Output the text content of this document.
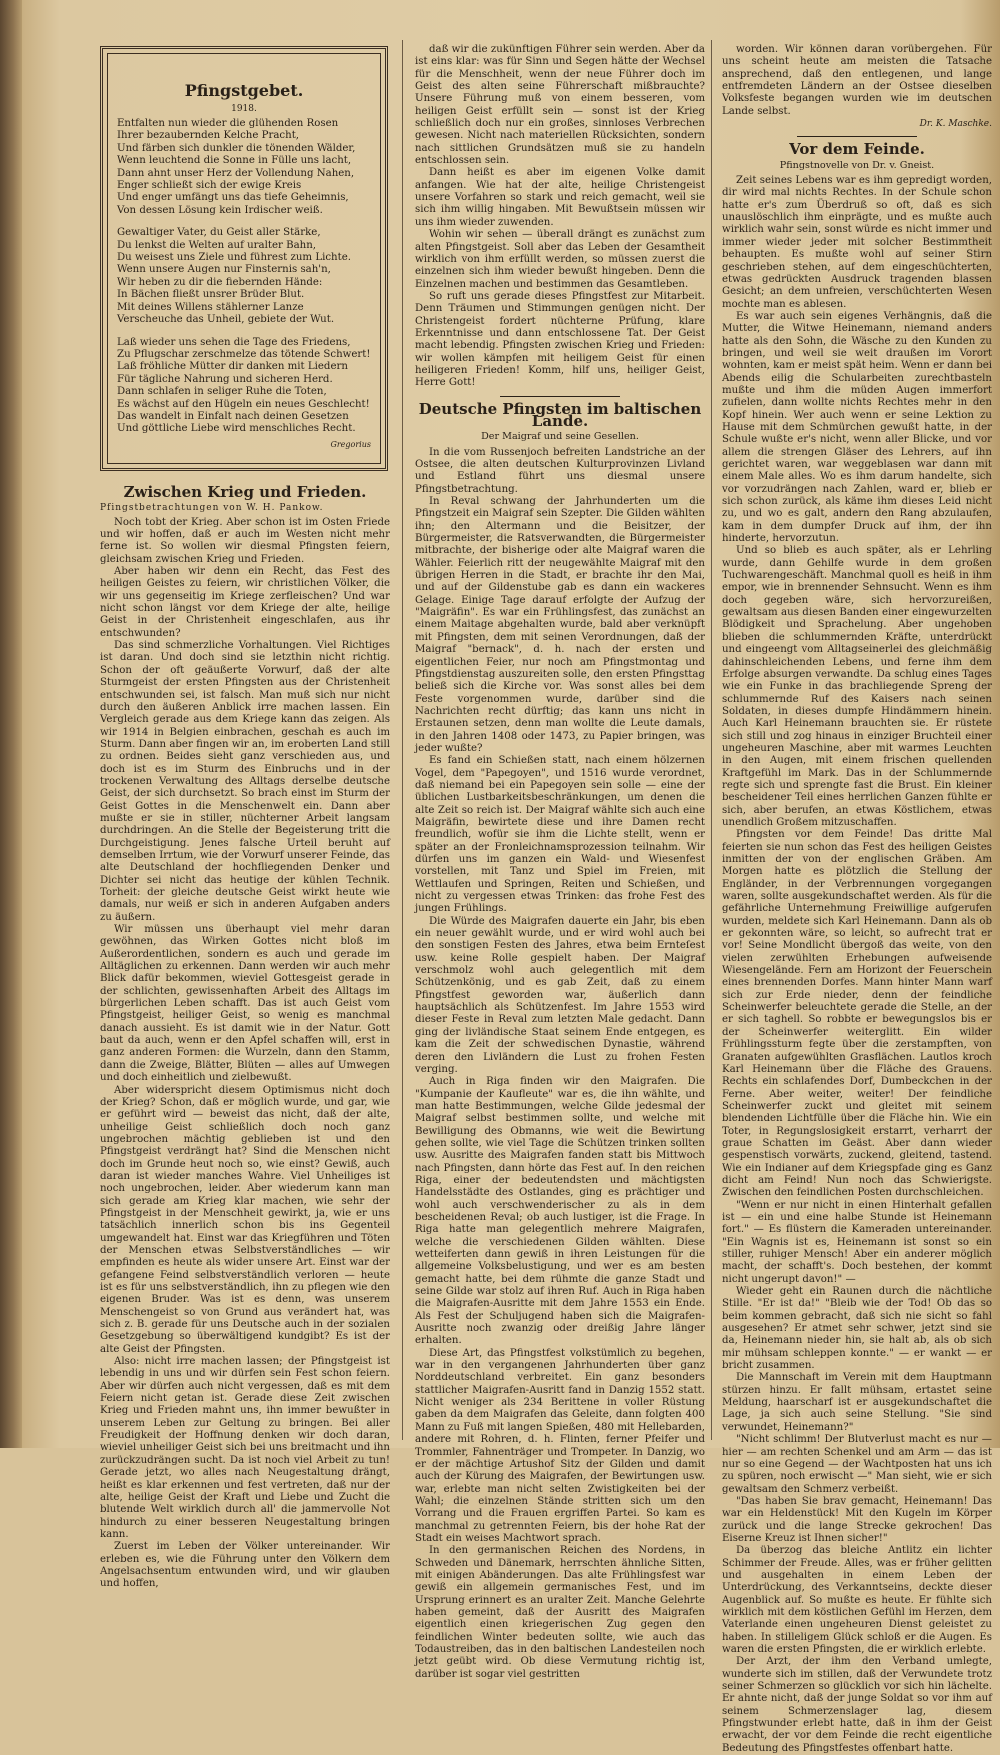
Pfingstgebet.
1918.
Entfalten nun wieder die glühenden Rosen
Ihrer bezaubernden Kelche Pracht,
Und färben sich dunkler die tönenden Wälder,
Wenn leuchtend die Sonne in Fülle uns lacht,
Dann ahnt unser Herz der Vollendung Nahen,
Enger schließt sich der ewige Kreis
Und enger umfängt uns das tiefe Geheimnis,
Von dessen Lösung kein Irdischer weiß.
Gewaltiger Vater, du Geist aller Stärke,
Du lenkst die Welten auf uralter Bahn,
Du weisest uns Ziele und führest zum Lichte.
Wenn unsere Augen nur Finsternis sah'n,
Wir heben zu dir die fiebernden Hände:
In Bächen fließt unsrer Brüder Blut.
Mit deines Willens stählerner Lanze
Verscheuche das Unheil, gebiete der Wut.
Laß wieder uns sehen die Tage des Friedens,
Zu Pflugschar zerschmelze das tötende Schwert!
Laß fröhliche Mütter dir danken mit Liedern
Für tägliche Nahrung und sicheren Herd.
Dann schlafen in seliger Ruhe die Toten,
Es wächst auf den Hügeln ein neues Geschlecht!
Das wandelt in Einfalt nach deinen Gesetzen
Und göttliche Liebe wird menschliches Recht.
Gregorius
Zwischen Krieg und Frieden.
Pfingstbetrachtungen von W. H. Pankow.

Noch tobt der Krieg. Aber schon ist im Osten Friede und wir hoffen, daß er auch im Westen nicht mehr ferne ist. So wollen wir diesmal Pfingsten feiern, gleichsam zwischen Krieg und Frieden.

Aber haben wir denn ein Recht, das Fest des heiligen Geistes zu feiern, wir christlichen Völker, die wir uns gegenseitig im Kriege zerfleischen? Und war nicht schon längst vor dem Kriege der alte, heilige Geist in der Christenheit eingeschlafen, aus ihr entschwunden?

Das sind schmerzliche Vorhaltungen. Viel Richtiges ist daran. Und doch sind sie letzthin nicht richtig. Schon der oft geäußerte Vorwurf, daß der alte Sturmgeist der ersten Pfingsten aus der Christenheit entschwunden sei, ist falsch. Man muß sich nur nicht durch den äußeren Anblick irre machen lassen. Ein Vergleich gerade aus dem Kriege kann das zeigen. Als wir 1914 in Belgien einbrachen, geschah es auch im Sturm. Dann aber fingen wir an, im eroberten Land still zu ordnen. Beides sieht ganz verschieden aus, und doch ist es im Sturm des Einbruchs und in der trockenen Verwaltung des Alltags derselbe deutsche Geist, der sich durchsetzt. So brach einst im Sturm der Geist Gottes in die Menschenwelt ein. Dann aber mußte er sie in stiller, nüchterner Arbeit langsam durchdringen. An die Stelle der Begeisterung tritt die Durchgeistigung. Jenes falsche Urteil beruht auf demselben Irrtum, wie der Vorwurf unserer Feinde, das alte Deutschland der hochfliegenden Denker und Dichter sei nicht das heutige der kühlen Technik. Torheit: der gleiche deutsche Geist wirkt heute wie damals, nur weiß er sich in anderen Aufgaben anders zu äußern.

Wir müssen uns überhaupt viel mehr daran gewöhnen, das Wirken Gottes nicht bloß im Außerordentlichen, sondern es auch und gerade im Alltäglichen zu erkennen. Dann werden wir auch mehr Blick dafür bekommen, wieviel Gottesgeist gerade in der schlichten, gewissenhaften Arbeit des Alltags im bürgerlichen Leben schafft. Das ist auch Geist vom Pfingstgeist, heiliger Geist, so wenig es manchmal danach aussieht. Es ist damit wie in der Natur. Gott baut da auch, wenn er den Apfel schaffen will, erst in ganz anderen Formen: die Wurzeln, dann den Stamm, dann die Zweige, Blätter, Blüten — alles auf Umwegen und doch einheitlich und zielbewußt.

Aber widerspricht diesem Optimismus nicht doch der Krieg? Schon, daß er möglich wurde, und gar, wie er geführt wird — beweist das nicht, daß der alte, unheilige Geist schließlich doch noch ganz ungebrochen mächtig geblieben ist und den Pfingstgeist verdrängt hat? Sind die Menschen nicht doch im Grunde heut noch so, wie einst? Gewiß, auch daran ist wieder manches Wahre. Viel Unheiliges ist noch ungebrochen, leider. Aber wiederum kann man sich gerade am Krieg klar machen, wie sehr der Pfingstgeist in der Menschheit gewirkt, ja, wie er uns tatsächlich innerlich schon bis ins Gegenteil umgewandelt hat. Einst war das Kriegführen und Töten der Menschen etwas Selbstverständliches — wir empfinden es heute als wider unsere Art. Einst war der gefangene Feind selbstverständlich verloren — heute ist es für uns selbstverständlich, ihn zu pflegen wie den eigenen Bruder. Was ist es denn, was unserem Menschengeist so von Grund aus verändert hat, was sich z. B. gerade für uns Deutsche auch in der sozialen Gesetzgebung so überwältigend kundgibt? Es ist der alte Geist der Pfingsten.

Also: nicht irre machen lassen; der Pfingstgeist ist lebendig in uns und wir dürfen sein Fest schon feiern. Aber wir dürfen auch nicht vergessen, daß es mit dem Feiern nicht getan ist. Gerade diese Zeit zwischen Krieg und Frieden mahnt uns, ihn immer bewußter in unserem Leben zur Geltung zu bringen. Bei aller Freudigkeit der Hoffnung denken wir doch daran, wieviel unheiliger Geist sich bei uns breitmacht und ihn zurückzudrängen sucht. Da ist noch viel Arbeit zu tun! Gerade jetzt, wo alles nach Neugestaltung drängt, heißt es klar erkennen und fest vertreten, daß nur der alte, heilige Geist der Kraft und Liebe und Zucht die blutende Welt wirklich durch all' die jammervolle Not hindurch zu einer besseren Neugestaltung bringen kann.

Zuerst im Leben der Völker untereinander. Wir erleben es, wie die Führung unter den Völkern dem Angelsachsentum entwunden wird, und wir glauben und hoffen,

daß wir die zukünftigen Führer sein werden. Aber da ist eins klar: was für Sinn und Segen hätte der Wechsel für die Menschheit, wenn der neue Führer doch im Geist des alten seine Führerschaft mißbrauchte? Unsere Führung muß von einem besseren, vom heiligen Geist erfüllt sein — sonst ist der Krieg schließlich doch nur ein großes, sinnloses Verbrechen gewesen. Nicht nach materiellen Rücksichten, sondern nach sittlichen Grundsätzen muß sie zu handeln entschlossen sein.

Dann heißt es aber im eigenen Volke damit anfangen. Wie hat der alte, heilige Christengeist unsere Vorfahren so stark und reich gemacht, weil sie sich ihm willig hingaben. Mit Bewußtsein müssen wir uns ihm wieder zuwenden.

Wohin wir sehen — überall drängt es zunächst zum alten Pfingstgeist. Soll aber das Leben der Gesamtheit wirklich von ihm erfüllt werden, so müssen zuerst die einzelnen sich ihm wieder bewußt hingeben. Denn die Einzelnen machen und bestimmen das Gesamtleben.

So ruft uns gerade dieses Pfingstfest zur Mitarbeit. Denn Träumen und Stimmungen genügen nicht. Der Christengeist fordert nüchterne Prüfung, klare Erkenntnisse und dann entschlossene Tat. Der Geist macht lebendig. Pfingsten zwischen Krieg und Frieden: wir wollen kämpfen mit heiligem Geist für einen heiligeren Frieden! Komm, hilf uns, heiliger Geist, Herre Gott!

Deutsche Pfingsten im baltischen Lande.
Der Maigraf und seine Gesellen.

In die vom Russenjoch befreiten Landstriche an der Ostsee, die alten deutschen Kulturprovinzen Livland und Estland führt uns diesmal unsere Pfingstbetrachtung.

In Reval schwang der Jahrhunderten um die Pfingstzeit ein Maigraf sein Szepter. Die Gilden wählten ihn; den Altermann und die Beisitzer, der Bürgermeister, die Ratsverwandten, die Bürgermeister mitbrachte, der bisherige oder alte Maigraf waren die Wähler. Feierlich ritt der neugewählte Maigraf mit den übrigen Herren in die Stadt, er brachte ihr den Mai, und auf der Gildenstube gab es dann ein wackeres Gelage. Einige Tage darauf erfolgte der Aufzug der "Maigräfin". Es war ein Frühlingsfest, das zunächst an einem Maitage abgehalten wurde, bald aber verknüpft mit Pfingsten, dem mit seinen Verordnungen, daß der Maigraf "bernack", d. h. nach der ersten und eigentlichen Feier, nur noch am Pfingstmontag und Pfingstdienstag auszureiten solle, den ersten Pfingsttag beließ sich die Kirche vor. Was sonst alles bei dem Feste vorgenommen wurde, darüber sind die Nachrichten recht dürftig; das kann uns nicht in Erstaunen setzen, denn man wollte die Leute damals, in den Jahren 1408 oder 1473, zu Papier bringen, was jeder wußte?

Es fand ein Schießen statt, nach einem hölzernen Vogel, dem "Papegoyen", und 1516 wurde verordnet, daß niemand bei ein Papegoyen sein solle — eine der üblichen Lustbarkeitsbeschränkungen, um denen die alte Zeit so reich ist. Der Maigraf wählte sich auch eine Maigräfin, bewirtete diese und ihre Damen recht freundlich, wofür sie ihm die Lichte stellt, wenn er später an der Fronleichnamsprozession teilnahm. Wir dürfen uns im ganzen ein Wald- und Wiesenfest vorstellen, mit Tanz und Spiel im Freien, mit Wettlaufen und Springen, Reiten und Schießen, und nicht zu vergessen etwas Trinken: das frohe Fest des jungen Frühlings.

Die Würde des Maigrafen dauerte ein Jahr, bis eben ein neuer gewählt wurde, und er wird wohl auch bei den sonstigen Festen des Jahres, etwa beim Ernteſest usw. keine Rolle gespielt haben. Der Maigraf verschmolz wohl auch gelegentlich mit dem Schützenkönig, und es gab Zeit, daß zu einem Pfingstfest geworden war, äußerlich dann hauptsächlich als Schützenfest. Im Jahre 1553 wird dieser Feste in Reval zum letzten Male gedacht. Dann ging der livländische Staat seinem Ende entgegen, es kam die Zeit der schwedischen Dynastie, während deren den Livländern die Lust zu frohen Festen verging.

Auch in Riga finden wir den Maigrafen. Die "Kumpanie der Kaufleute" war es, die ihn wählte, und man hatte Bestimmungen, welche Gilde jedesmal der Maigraf selbst bestimmen sollte, und welche mit Bewilligung des Obmanns, wie weit die Bewirtung gehen sollte, wie viel Tage die Schützen trinken sollten usw. Ausritte des Maigrafen fanden statt bis Mittwoch nach Pfingsten, dann hörte das Fest auf. In den reichen Riga, einer der bedeutendsten und mächtigsten Handelsstädte des Ostlandes, ging es prächtiger und wohl auch verschwenderischer zu als in dem bescheidenen Reval; ob auch lustiger, ist die Frage. In Riga hatte man gelegentlich mehrere Maigrafen, welche die verschiedenen Gilden wählten. Diese wetteiferten dann gewiß in ihren Leistungen für die allgemeine Volksbelustigung, und wer es am besten gemacht hatte, bei dem rühmte die ganze Stadt und seine Gilde war stolz auf ihren Ruf. Auch in Riga haben die Maigrafen-Ausritte mit dem Jahre 1553 ein Ende. Als Fest der Schuljugend haben sich die Maigrafen-Ausritte noch zwanzig oder dreißig Jahre länger erhalten.

Diese Art, das Pfingstfest volkstümlich zu begehen, war in den vergangenen Jahrhunderten über ganz Norddeutschland verbreitet. Ein ganz besonders stattlicher Maigrafen-Ausritt fand in Danzig 1552 statt. Nicht weniger als 234 Berittene in voller Rüstung gaben da dem Maigrafen das Geleite, dann folgten 400 Mann zu Fuß mit langen Spießen, 480 mit Hellebarden, andere mit Rohren, d. h. Flinten, ferner Pfeifer und Trommler, Fahnenträger und Trompeter. In Danzig, wo er der mächtige Artushof Sitz der Gilden und damit auch der Kürung des Maigrafen, der Bewirtungen usw. war, erlebte man nicht selten Zwistigkeiten bei der Wahl; die einzelnen Stände stritten sich um den Vorrang und die Frauen ergriffen Partei. So kam es manchmal zu getrennten Feiern, bis der hohe Rat der Stadt ein weises Machtwort sprach.

In den germanischen Reichen des Nordens, in Schweden und Dänemark, herrschten ähnliche Sitten, mit einigen Abänderungen. Das alte Frühlingsfest war gewiß ein allgemein germanisches Fest, und im Ursprung erinnert es an uralter Zeit. Manche Gelehrte haben gemeint, daß der Ausritt des Maigrafen eigentlich einen kriegerischen Zug gegen den feindlichen Winter bedeuten sollte, wie auch das Todaustreiben, das in den baltischen Landesteilen noch jetzt geübt wird. Ob diese Vermutung richtig ist, darüber ist sogar viel gestritten

worden. Wir können daran vorübergehen. Für uns scheint heute am meisten die Tatsache ansprechend, daß den entlegenen, und lange entfremdeten Ländern an der Ostsee dieselben Volksfeste begangen wurden wie im deutschen Lande selbst.

Dr. K. Maschke.
Vor dem Feinde.
Pfingstnovelle von Dr. v. Gneist.

Zeit seines Lebens war es ihm gepredigt worden, dir wird mal nichts Rechtes. In der Schule schon hatte er's zum Überdruß so oft, daß es sich unauslöschlich ihm einprägte, und es mußte auch wirklich wahr sein, sonst würde es nicht immer und immer wieder jeder mit solcher Bestimmtheit behaupten. Es mußte wohl auf seiner Stirn geschrieben stehen, auf dem eingeschüchterten, etwas gedrückten Ausdruck tragenden blassen Gesicht; an dem unfreien, verschüchterten Wesen mochte man es ablesen.

Es war auch sein eigenes Verhängnis, daß die Mutter, die Witwe Heinemann, niemand anders hatte als den Sohn, die Wäsche zu den Kunden zu bringen, und weil sie weit draußen im Vorort wohnten, kam er meist spät heim. Wenn er dann bei Abends eilig die Schularbeiten zurechtbasteln mußte und ihm die müden Augen immerfort zufielen, dann wollte nichts Rechtes mehr in den Kopf hinein. Wer auch wenn er seine Lektion zu Hause mit dem Schmürchen gewußt hatte, in der Schule wußte er's nicht, wenn aller Blicke, und vor allem die strengen Gläser des Lehrers, auf ihn gerichtet waren, war weggeblasen war dann mit einem Male alles. Wo es ihm darum handelte, sich vor vorzudrängen nach Zahlen, ward er, blieb er sich schon zurück, als käme ihm dieses Leid nicht zu, und wo es galt, andern den Rang abzulaufen, kam in dem dumpfer Druck auf ihm, der ihn hinderte, hervorzutun.

Und so blieb es auch später, als er Lehrling wurde, dann Gehilfe wurde in dem großen Tuchwarengeschäft. Manchmal quoll es heiß in ihm empor, wie in brennender Sehnsucht. Wenn es ihm doch gegeben wäre, sich hervorzureißen, gewaltsam aus diesen Banden einer eingewurzelten Blödigkeit und Sprachelung. Aber ungehoben blieben die schlummernden Kräfte, unterdrückt und eingeengt vom Alltagseinerlei des gleichmäßig dahinschleichenden Lebens, und ferne ihm dem Erfolge absurgen verwandte. Da schlug eines Tages wie ein Funke in das brachliegende Spreng der schlummernde Ruf des Kaisers nach seinen Soldaten, in dieses dumpfe Hindämmern hinein. Auch Karl Heinemann brauchten sie. Er rüstete sich still und zog hinaus in einziger Bruchteil einer ungeheuren Maschine, aber mit warmes Leuchten in den Augen, mit einem frischen quellenden Kraftgefühl im Mark. Das in der Schlummernde regte sich und sprengte fast die Brust. Ein kleiner bescheidener Teil eines herrlichen Ganzen fühlte er sich, aber berufen, an etwas Köstlichem, etwas unendlich Großem mitzuschaffen.

Pfingsten vor dem Feinde! Das dritte Mal feierten sie nun schon das Fest des heiligen Geistes inmitten der von der englischen Gräben. Am Morgen hatte es plötzlich die Stellung der Engländer, in der Verbrennungen vorgegangen waren, sollte ausgekundschaftet werden. Als für die gefährliche Unternehmung Freiwillige aufgerufen wurden, meldete sich Karl Heinemann. Dann als ob er gekonnten wäre, so leicht, so aufrecht trat er vor! Seine Mondlicht übergoß das weite, von den vielen zerwühlten Erhebungen aufweisende Wiesengelände. Fern am Horizont der Feuerschein eines brennenden Dorfes. Mann hinter Mann warf sich zur Erde nieder, denn der feindliche Scheinwerfer beleuchtete gerade die Stelle, an der er sich taghell. So robbte er bewegungslos bis er der Scheinwerfer weiterglitt. Ein wilder Frühlingssturm fegte über die zerstampften, von Granaten aufgewühlten Grasflächen. Lautlos kroch Karl Heinemann über die Fläche des Grauens. Rechts ein schlafendes Dorf, Dumbeckchen in der Ferne. Aber weiter, weiter! Der feindliche Scheinwerfer zuckt und gleitet mit seinem blendenden Lichtfülle über die Fläche hin. Wie ein Toter, in Regungslosigkeit erstarrt, verharrt der graue Schatten im Geäst. Aber dann wieder gespenstisch vorwärts, zuckend, gleitend, tastend. Wie ein Indianer auf dem Kriegspfade ging es Ganz dicht am Feind! Nun noch das Schwierigste. Zwischen den feindlichen Posten durchschleichen.

"Wenn er nur nicht in einen Hinterhalt gefallen ist — ein und eine halbe Stunde ist Heinemann fort." — Es flüstern die Kameraden untereinander. "Ein Wagnis ist es, Heinemann ist sonst so ein stiller, ruhiger Mensch! Aber ein anderer möglich macht, der schafft's. Doch bestehen, der kommt nicht ungerupt davon!" —

Wieder geht ein Raunen durch die nächtliche Stille. "Er ist da!" "Bleib wie der Tod! Ob das so beim kommen gebracht, daß sich nie sicht so fahl ausgesehen? Er atmet sehr schwer, jetzt sind sie da, Heinemann nieder hin, sie halt ab, als ob sich mir mühsam schleppen konnte." — er wankt — er bricht zusammen.

Die Mannschaft im Verein mit dem Hauptmann stürzen hinzu. Er fallt mühsam, ertastet seine Meldung, haarscharf ist er ausgekundschaftet die Lage, ja sich auch seine Stellung. "Sie sind verwundet, Heinemann?"

"Nicht schlimm! Der Blutverlust macht es nur — hier — am rechten Schenkel und am Arm — das ist nur so eine Gegend — der Wachtposten hat uns ich zu spüren, noch erwischt —" Man sieht, wie er sich gewaltsam den Schmerz verbeißt.

"Das haben Sie brav gemacht, Heinemann! Das war ein Heldenstück! Mit den Kugeln im Körper zurück und die lange Strecke gekrochen! Das Eiserne Kreuz ist Ihnen sicher!"

Da überzog das bleiche Antlitz ein lichter Schimmer der Freude. Alles, was er früher gelitten und ausgehalten in einem Leben der Unterdrückung, des Verkanntseins, deckte dieser Augenblick auf. So mußte es heute. Er fühlte sich wirklich mit dem köstlichen Gefühl im Herzen, dem Vaterlande einen ungeheuren Dienst geleistet zu haben. In stilleligem Glück schloß er die Augen. Es waren die ersten Pfingsten, die er wirklich erlebte.

Der Arzt, der ihm den Verband umlegte, wunderte sich im stillen, daß der Verwundete trotz seiner Schmerzen so glücklich vor sich hin lächelte. Er ahnte nicht, daß der junge Soldat so vor ihm auf seinem Schmerzenslager lag, diesem Pfingstwunder erlebt hatte, daß in ihm der Geist erwacht, der vor dem Feinde die recht eigentliche Bedeutung des Pfingstfestes offenbart hatte.
